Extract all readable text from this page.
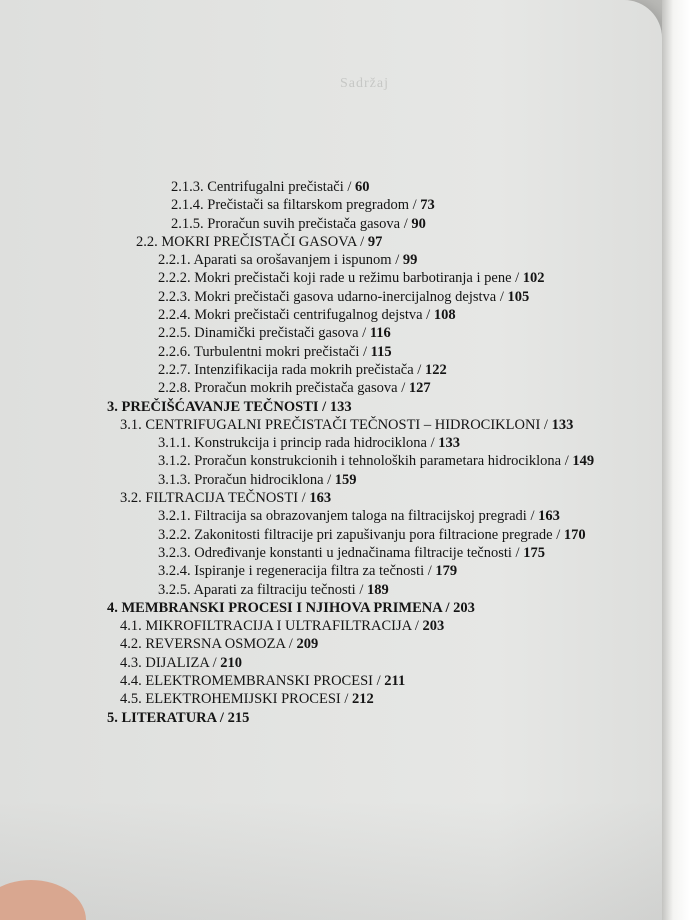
Sadržaj

2.1.3. Centrifugalni prečistači / 60

2.1.4. Prečistači sa filtarskom pregradom / 73

2.1.5. Proračun suvih prečistača gasova / 90

2.2. MOKRI PREČISTAČI GASOVA / 97

2.2.1. Aparati sa orošavanjem i ispunom / 99

2.2.2. Mokri prečistači koji rade u režimu barbotiranja i pene / 102

2.2.3. Mokri prečistači gasova udarno-inercijalnog dejstva / 105

2.2.4. Mokri prečistači centrifugalnog dejstva / 108

2.2.5. Dinamički prečistači gasova / 116

2.2.6. Turbulentni mokri prečistači / 115

2.2.7. Intenzifikacija rada mokrih prečistača / 122

2.2.8. Proračun mokrih prečistača gasova / 127

3. PREČIŠĆAVANJE TEČNOSTI / 133

3.1. CENTRIFUGALNI PREČISTAČI TEČNOSTI – HIDROCIKLONI / 133

3.1.1. Konstrukcija i princip rada hidrociklona / 133

3.1.2. Proračun konstrukcionih i tehnoloških parametara hidrociklona / 149

3.1.3. Proračun hidrociklona / 159

3.2. FILTRACIJA TEČNOSTI / 163

3.2.1. Filtracija sa obrazovanjem taloga na filtracijskoj pregradi / 163

3.2.2. Zakonitosti filtracije pri zapušivanju pora filtracione pregrade / 170

3.2.3. Određivanje konstanti u jednačinama filtracije tečnosti / 175

3.2.4. Ispiranje i regeneracija filtra za tečnosti / 179

3.2.5. Aparati za filtraciju tečnosti / 189

4. MEMBRANSKI PROCESI I NJIHOVA PRIMENA / 203

4.1. MIKROFILTRACIJA I ULTRAFILTRACIJA / 203

4.2. REVERSNA OSMOZA / 209

4.3. DIJALIZA / 210

4.4. ELEKTROMEMBRANSKI PROCESI / 211

4.5. ELEKTROHEMIJSKI PROCESI / 212

5. LITERATURA / 215
